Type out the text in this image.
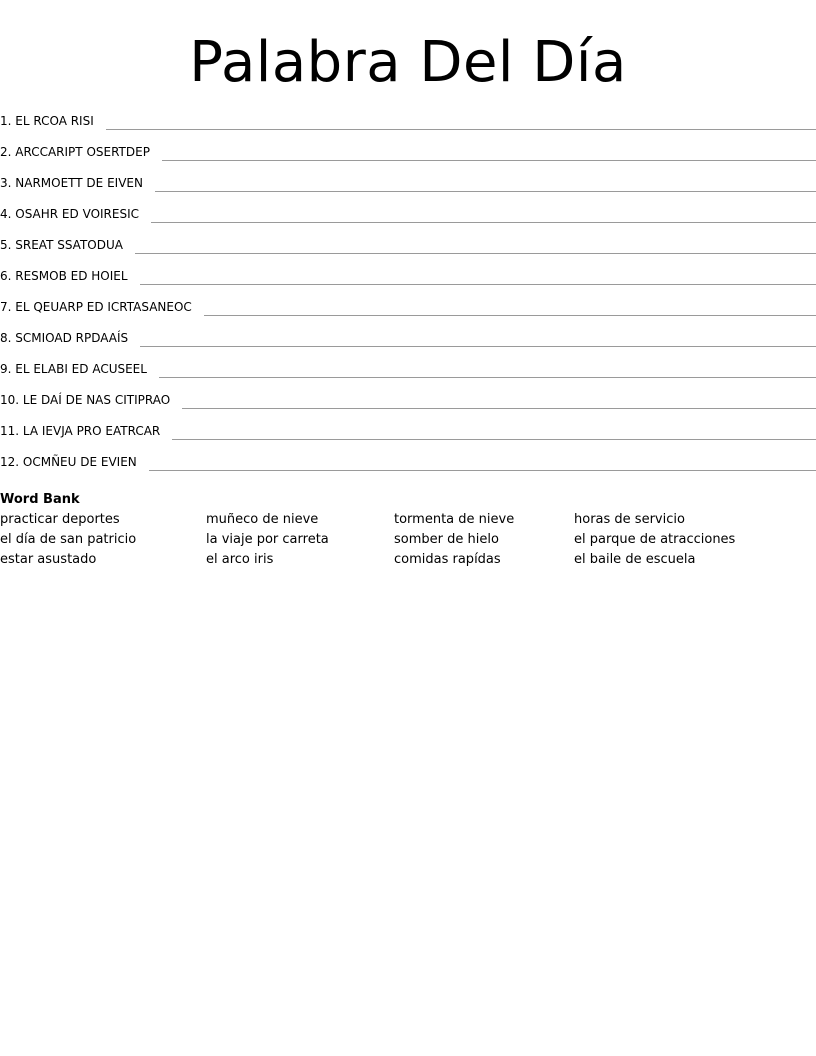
Palabra Del Día
1. EL RCOA RISI
2. ARCCARIPT OSERTDEP
3. NARMOETT DE EIVEN
4. OSAHR ED VOIRESIC
5. SREAT SSATODUA
6. RESMOB ED HOIEL
7. EL QEUARP ED ICRTASANEOC
8. SCMIOAD RPDAAÍS
9. EL ELABI ED ACUSEEL
10. LE DAÍ DE NAS CITIPRAO
11. LA IEVJA PRO EATRCAR
12. OCMÑEU DE EVIEN
Word Bank
practicar deportes	muñeco de nieve	tormenta de nieve	horas de servicio
el día de san patricio	la viaje por carreta	somber de hielo	el parque de atracciones
estar asustado	el arco iris	comidas rapídas	el baile de escuela
